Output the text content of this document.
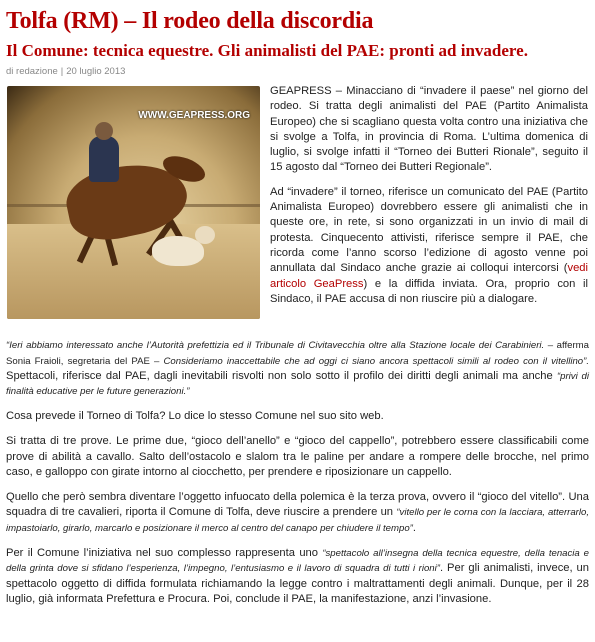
Tolfa (RM) – Il rodeo della discordia
Il Comune: tecnica equestre. Gli animalisti del PAE: pronti ad invadere.
di redazione | 20 luglio 2013
WWW.GEAPRESS.ORG

GEAPRESS – Minacciano di “invadere il paese” nel giorno del rodeo. Si tratta degli animalisti del PAE (Partito Animalista Europeo) che si scagliano questa volta contro una iniziativa che si svolge a Tolfa, in provincia di Roma. L’ultima domenica di luglio, si svolge infatti il “Torneo dei Butteri Rionale”, seguito il 15 agosto dal “Torneo dei Butteri Regionale”.

Ad “invadere” il torneo, riferisce un comunicato del PAE (Partito Animalista Europeo) dovrebbero essere gli animalisti che in queste ore, in rete, si sono organizzati in un invio di mail di protesta. Cinquecento attivisti, riferisce sempre il PAE, che ricorda come l’anno scorso l’edizione di agosto venne poi annullata dal Sindaco anche grazie ai colloqui intercorsi (vedi articolo GeaPress) e la diffida inviata. Ora, proprio con il Sindaco, il PAE accusa di non riuscire più a dialogare.

“Ieri abbiamo interessato anche l’Autorità prefettizia ed il Tribunale di Civitavecchia oltre alla Stazione locale dei Carabinieri. – afferma Sonia Fraioli, segretaria del PAE – Consideriamo inaccettabile che ad oggi ci siano ancora spettacoli simili al rodeo con il vitellino”. Spettacoli, riferisce dal PAE, dagli inevitabili risvolti non solo sotto il profilo dei diritti degli animali ma anche “privi di finalità educative per le future generazioni.”

Cosa prevede il Torneo di Tolfa? Lo dice lo stesso Comune nel suo sito web.

Si tratta di tre prove. Le prime due, “gioco dell’anello” e “gioco del cappello”, potrebbero essere classificabili come prove di abilità a cavallo. Salto dell’ostacolo e slalom tra le paline per andare a rompere delle brocche, nel primo caso, e galloppo con girate intorno al ciocchetto, per prendere e riposizionare un cappello.

Quello che però sembra diventare l’oggetto infuocato della polemica è la terza prova, ovvero il “gioco del vitello”. Una squadra di tre cavalieri, riporta il Comune di Tolfa, deve riuscire a prendere un “vitello per le corna con la lacciara, atterrarlo, impastoiarlo, girarlo, marcarlo e posizionare il merco al centro del canapo per chiudere il tempo”.

Per il Comune l’iniziativa nel suo complesso rappresenta uno “spettacolo all’insegna della tecnica equestre, della tenacia e della grinta dove si sfidano l’esperienza, l’impegno, l’entusiasmo e il lavoro di squadra di tutti i rioni”. Per gli animalisti, invece, un spettacolo oggetto di diffida formulata richiamando la legge contro i maltrattamenti degli animali. Dunque, per il 28 luglio, già informata Prefettura e Procura. Poi, conclude il PAE, la manifestazione, anzi l’invasione.
